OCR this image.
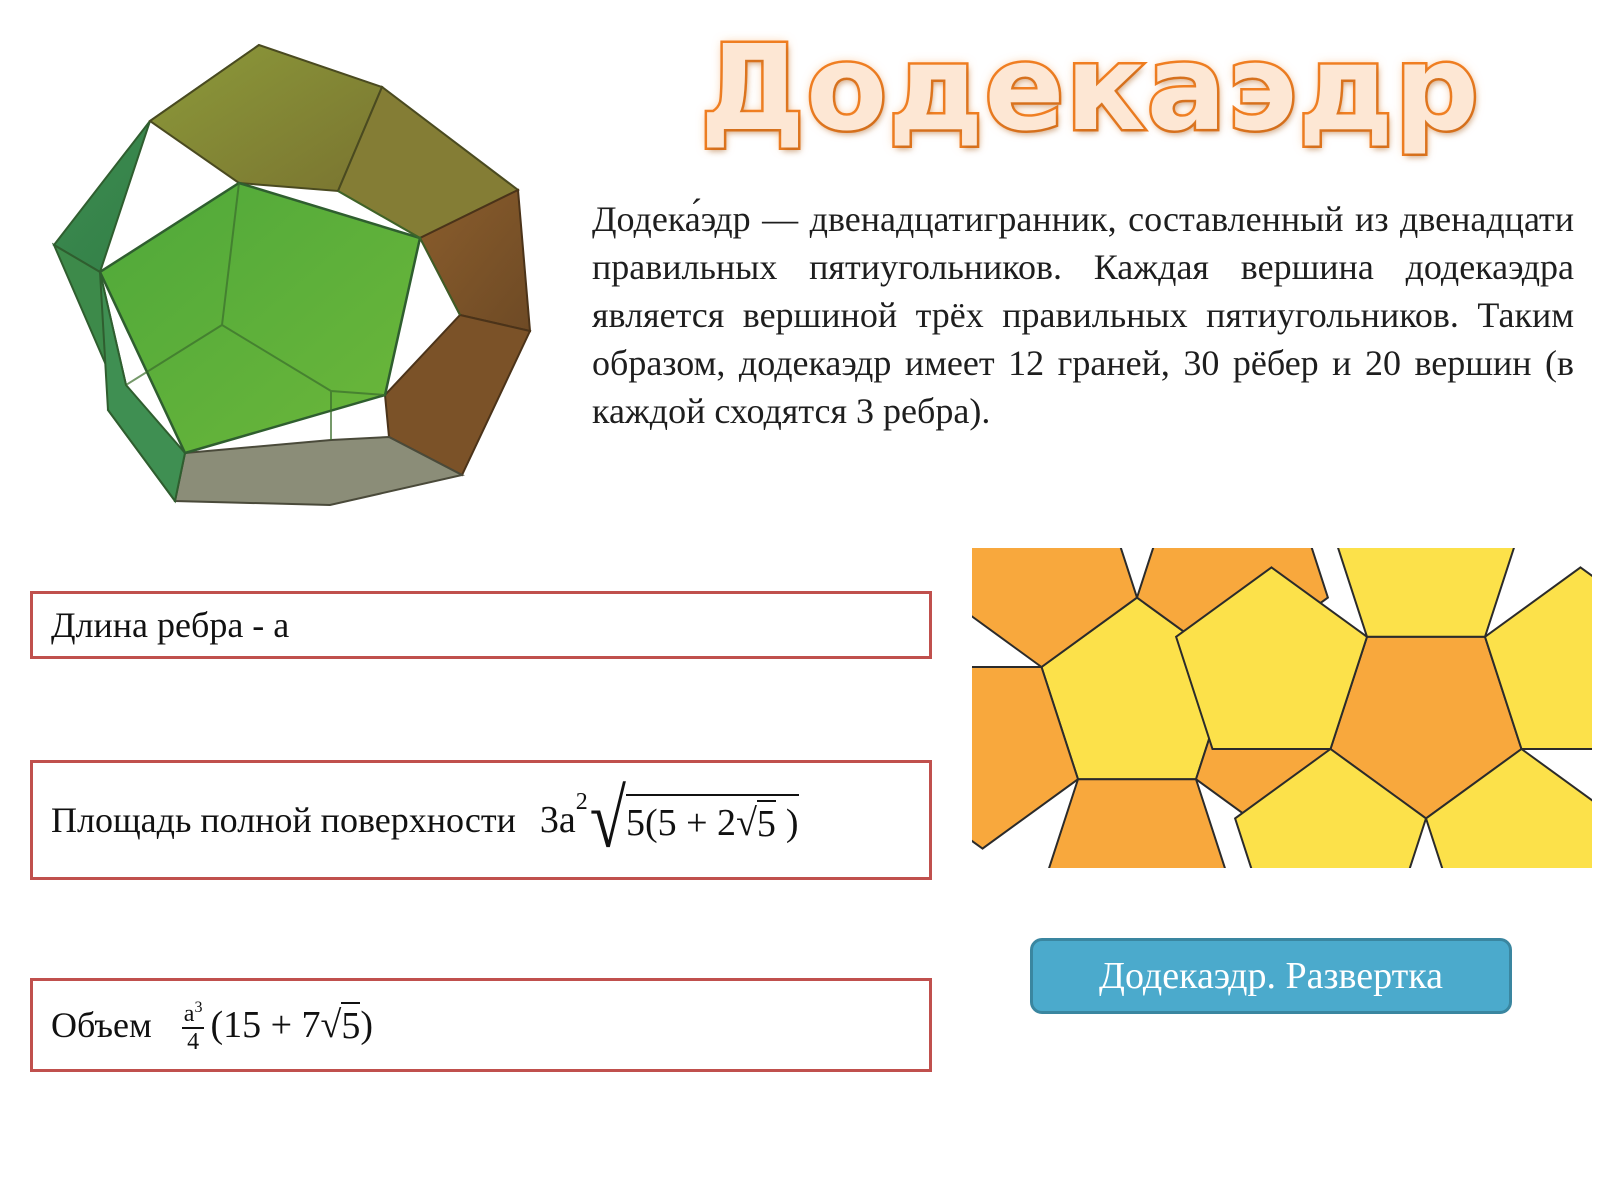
Додекаэдр
Додека́эдр — двенадцатигранник, составленный из двенадцати правильных пятиугольников. Каждая вершина додекаэдра является вершиной трёх правильных пятиугольников. Таким образом, додекаэдр имеет 12 граней, 30 рёбер и 20 вершин (в каждой сходятся 3 ребра).
Длина ребра - а
Площадь полной поверхности $3a^2$ √ 5(5 + 2 √ 5 )
Объем $\frac{a^3}{4} (15 + 7$ √ 5 )
Додекаэдр. Развертка
